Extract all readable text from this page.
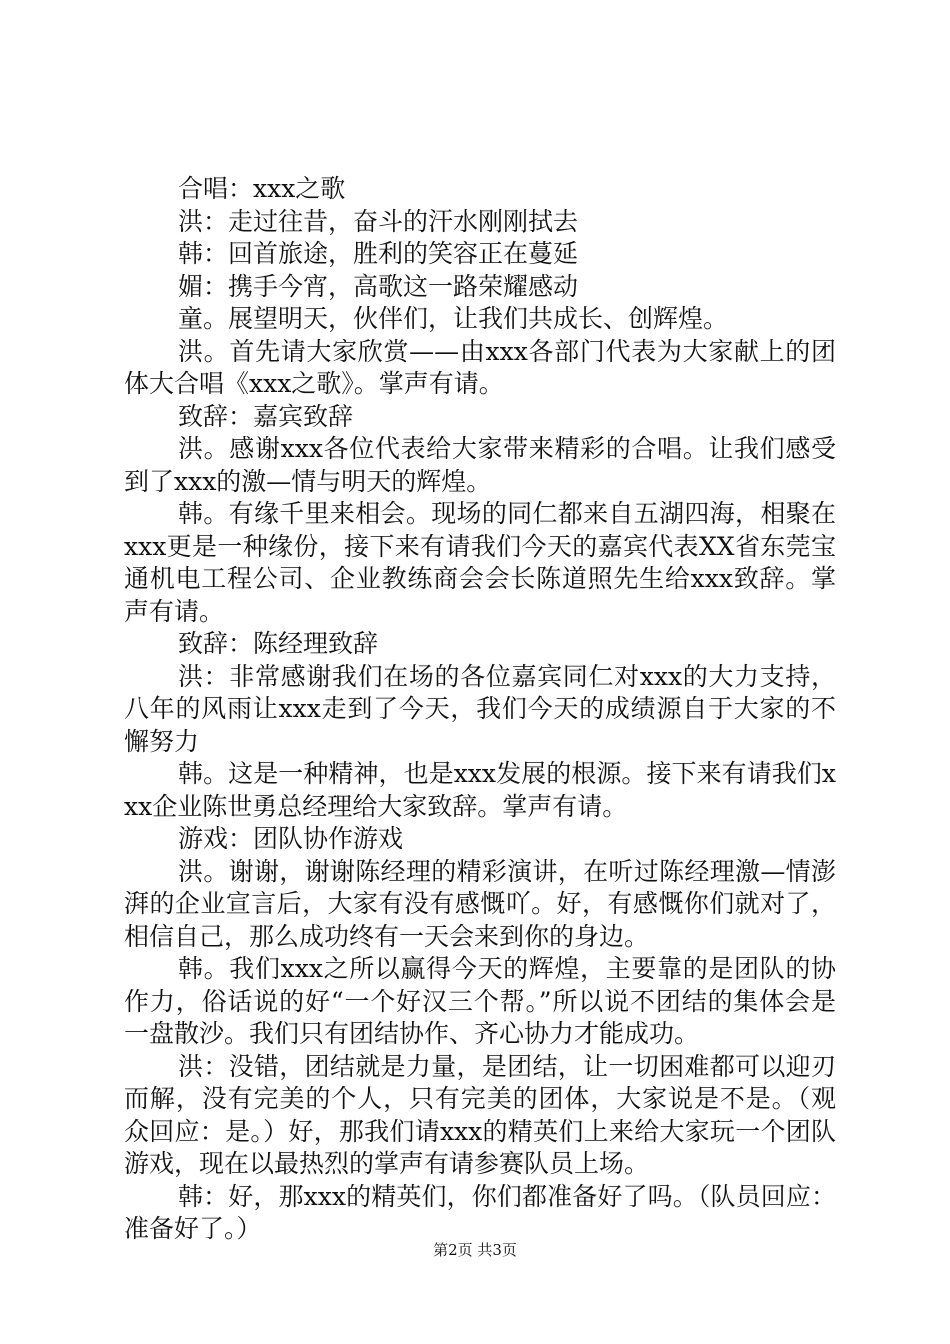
合唱：xxx之歌

洪：走过往昔，奋斗的汗水刚刚拭去

韩：回首旅途，胜利的笑容正在蔓延

媚：携手今宵，高歌这一路荣耀感动

童。展望明天，伙伴们，让我们共成长、创辉煌。

洪。首先请大家欣赏——由xxx各部门代表为大家献上的团体大合唱《xxx之歌》。掌声有请。

致辞：嘉宾致辞

洪。感谢xxx各位代表给大家带来精彩的合唱。让我们感受到了xxx的激—情与明天的辉煌。

韩。有缘千里来相会。现场的同仁都来自五湖四海，相聚在xxx更是一种缘份，接下来有请我们今天的嘉宾代表XX省东莞宝通机电工程公司、企业教练商会会长陈道照先生给xxx致辞。掌声有请。

致辞：陈经理致辞

洪：非常感谢我们在场的各位嘉宾同仁对xxx的大力支持，八年的风雨让xxx走到了今天，我们今天的成绩源自于大家的不懈努力

韩。这是一种精神，也是xxx发展的根源。接下来有请我们xxx企业陈世勇总经理给大家致辞。掌声有请。

游戏：团队协作游戏

洪。谢谢，谢谢陈经理的精彩演讲，在听过陈经理激—情澎湃的企业宣言后，大家有没有感慨吖。好，有感慨你们就对了，相信自己，那么成功终有一天会来到你的身边。

韩。我们xxx之所以赢得今天的辉煌，主要靠的是团队的协作力，俗话说的好“一个好汉三个帮。”所以说不团结的集体会是一盘散沙。我们只有团结协作、齐心协力才能成功。

洪：没错，团结就是力量，是团结，让一切困难都可以迎刃而解，没有完美的个人，只有完美的团体，大家说是不是。（观众回应：是。）好，那我们请xxx的精英们上来给大家玩一个团队游戏，现在以最热烈的掌声有请参赛队员上场。

韩：好，那xxx的精英们，你们都准备好了吗。（队员回应：准备好了。）

第2页 共3页
